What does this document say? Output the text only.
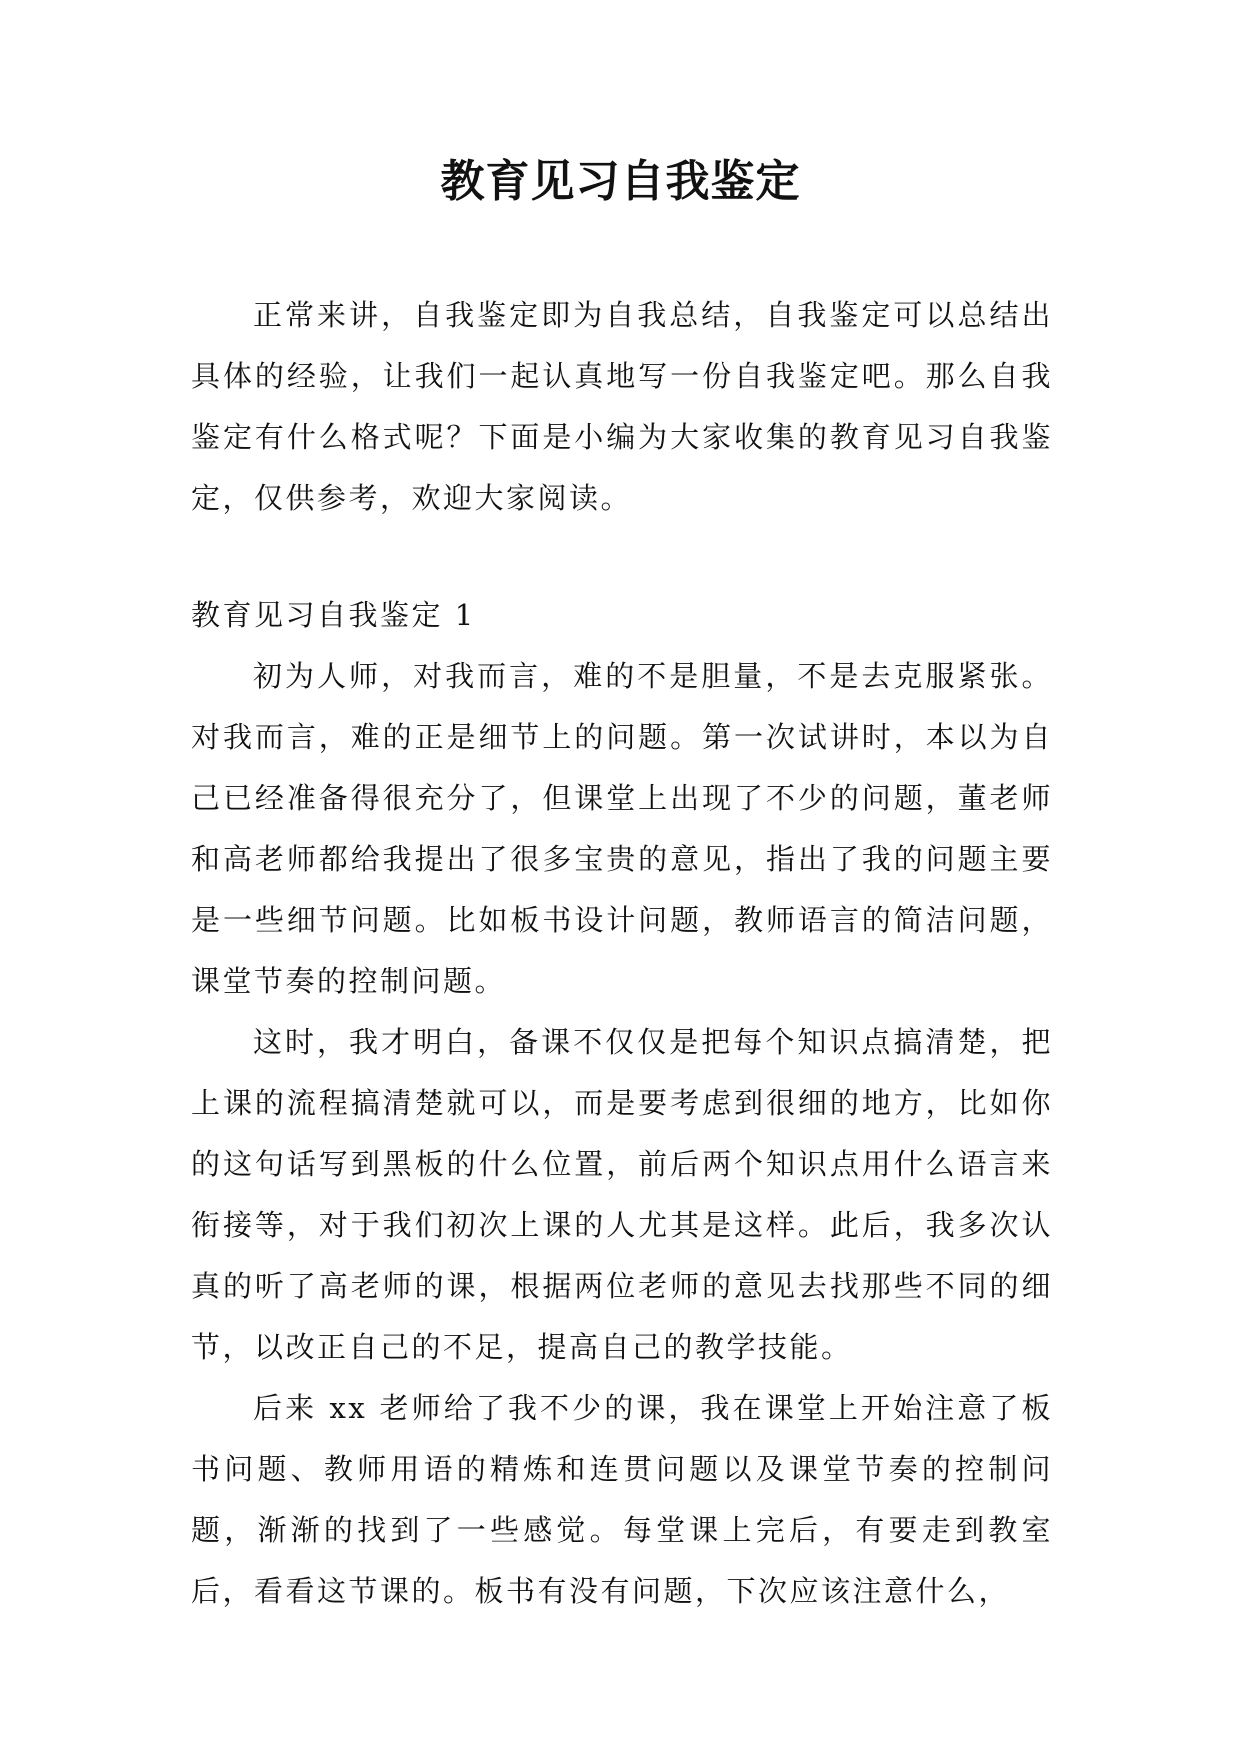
教育见习自我鉴定

正常来讲，自我鉴定即为自我总结，自我鉴定可以总结出具体的经验，让我们一起认真地写一份自我鉴定吧。那么自我鉴定有什么格式呢？下面是小编为大家收集的教育见习自我鉴定，仅供参考，欢迎大家阅读。

教育见习自我鉴定 1

初为人师，对我而言，难的不是胆量，不是去克服紧张。对我而言，难的正是细节上的问题。第一次试讲时，本以为自己已经准备得很充分了，但课堂上出现了不少的问题，董老师和高老师都给我提出了很多宝贵的意见，指出了我的问题主要是一些细节问题。比如板书设计问题，教师语言的简洁问题，课堂节奏的控制问题。

这时，我才明白，备课不仅仅是把每个知识点搞清楚，把上课的流程搞清楚就可以，而是要考虑到很细的地方，比如你的这句话写到黑板的什么位置，前后两个知识点用什么语言来衔接等，对于我们初次上课的人尤其是这样。此后，我多次认真的听了高老师的课，根据两位老师的意见去找那些不同的细节，以改正自己的不足，提高自己的教学技能。

后来 xx 老师给了我不少的课，我在课堂上开始注意了板书问题、教师用语的精炼和连贯问题以及课堂节奏的控制问题，渐渐的找到了一些感觉。每堂课上完后，有要走到教室后，看看这节课的。板书有没有问题，下次应该注意什么，
